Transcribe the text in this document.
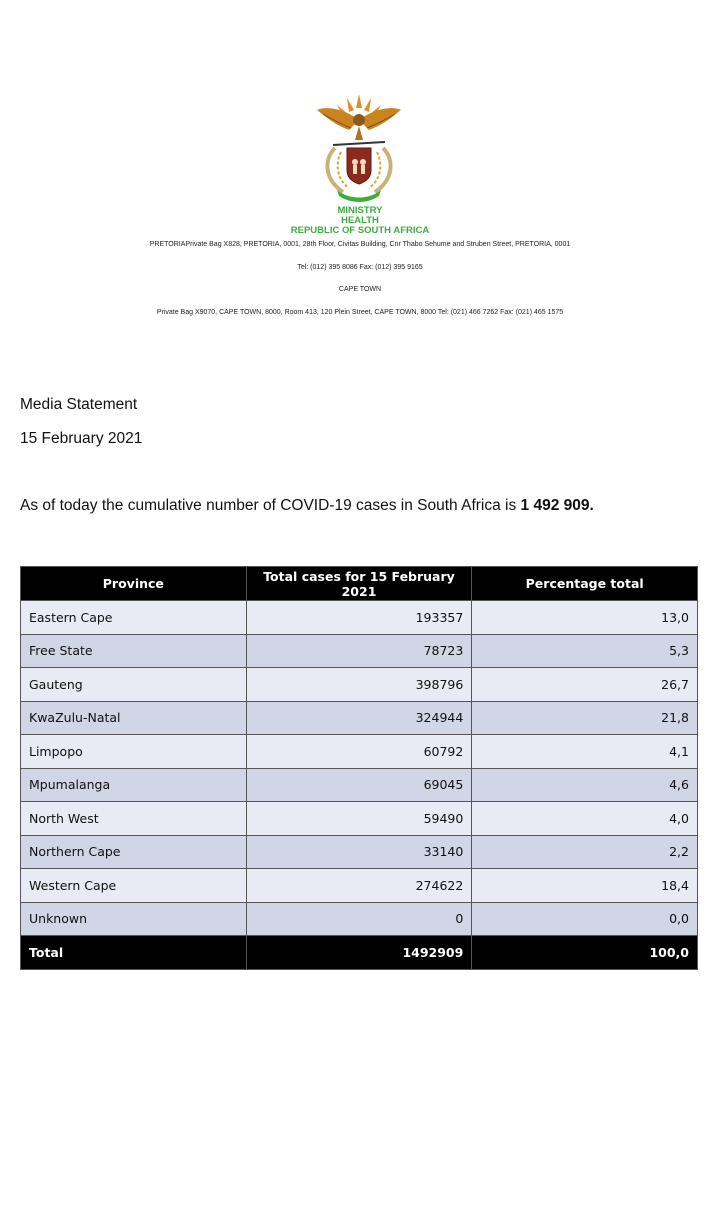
MINISTRY
HEALTH
REPUBLIC OF SOUTH AFRICA
PRETORIAPrivate Bag X828, PRETORIA, 0001, 28th Floor, Civitas Building, Cnr Thabo Sehume and Struben Street, PRETORIA, 0001
Tel: (012) 395 8086 Fax: (012) 395 9165
CAPE TOWN
Private Bag X9070, CAPE TOWN, 8000, Room 413, 120 Plein Street, CAPE TOWN, 8000 Tel: (021) 466 7262 Fax: (021) 465 1575
Media Statement
15 February 2021
As of today the cumulative number of COVID-19 cases in South Africa is 1 492 909.
Province	Total cases for 15 February 2021	Percentage total
Eastern Cape	193357	13,0
Free State	78723	5,3
Gauteng	398796	26,7
KwaZulu-Natal	324944	21,8
Limpopo	60792	4,1
Mpumalanga	69045	4,6
North West	59490	4,0
Northern Cape	33140	2,2
Western Cape	274622	18,4
Unknown	0	0,0
Total	1492909	100,0
